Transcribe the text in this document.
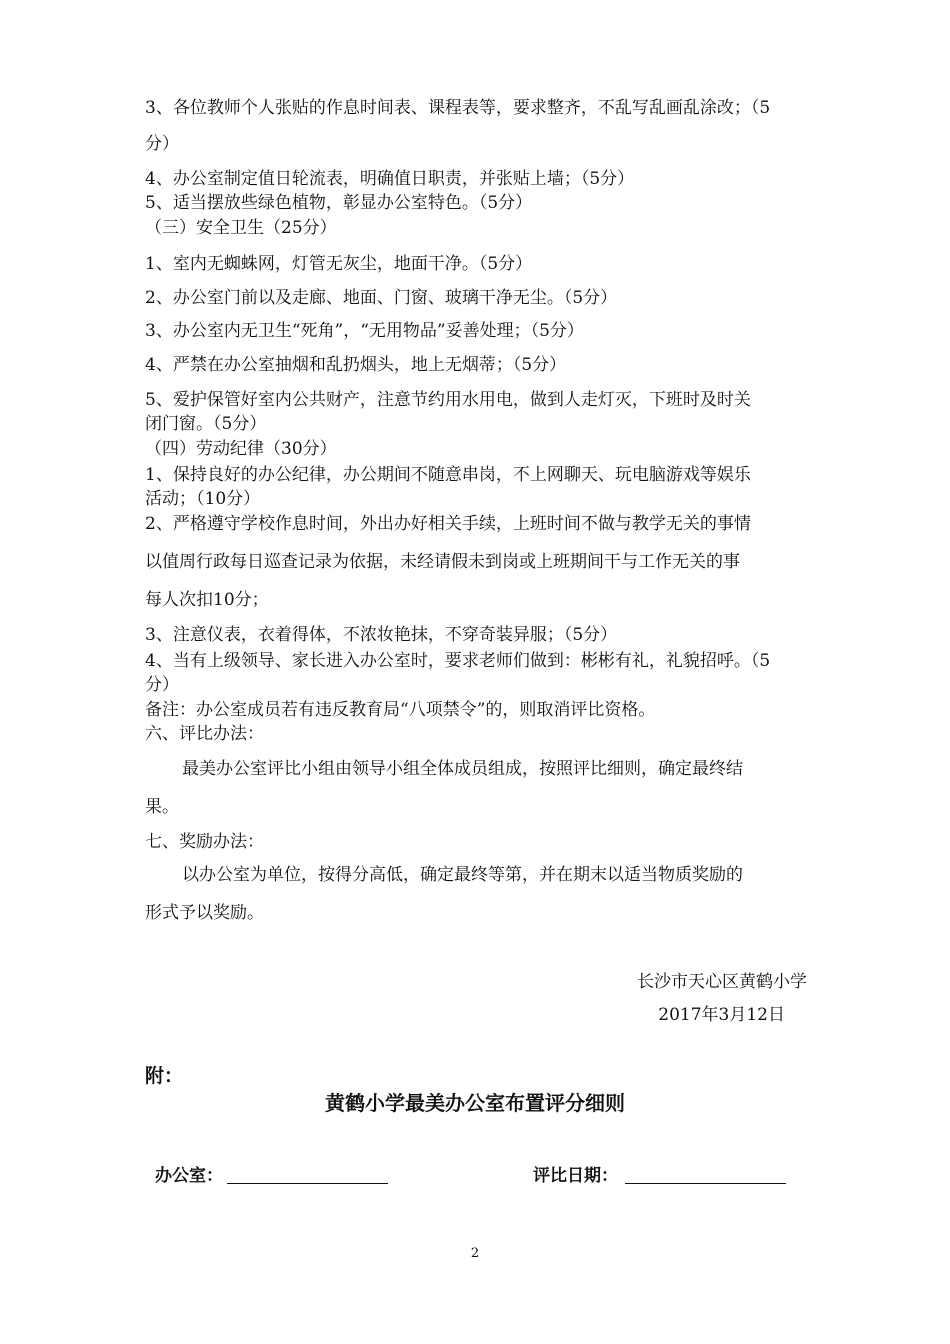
3、各位教师个人张贴的作息时间表、课程表等，要求整齐，不乱写乱画乱涂改；（5
分）
4、办公室制定值日轮流表，明确值日职责，并张贴上墙；（5分）
5、适当摆放些绿色植物，彰显办公室特色。（5分）
（三）安全卫生（25分）
1、室内无蜘蛛网，灯管无灰尘，地面干净。（5分）
2、办公室门前以及走廊、地面、门窗、玻璃干净无尘。（5分）
3、办公室内无卫生“死角”，“无用物品”妥善处理；（5分）
4、严禁在办公室抽烟和乱扔烟头，地上无烟蒂；（5分）
5、爱护保管好室内公共财产，注意节约用水用电，做到人走灯灭，下班时及时关
闭门窗。（5分）
（四）劳动纪律（30分）
1、保持良好的办公纪律，办公期间不随意串岗，不上网聊天、玩电脑游戏等娱乐
活动；（10分）
2、严格遵守学校作息时间，外出办好相关手续，上班时间不做与教学无关的事情
以值周行政每日巡查记录为依据，未经请假未到岗或上班期间干与工作无关的事
每人次扣10分；
3、注意仪表，衣着得体，不浓妆艳抹，不穿奇装异服；（5分）
4、当有上级领导、家长进入办公室时，要求老师们做到：彬彬有礼，礼貌招呼。（5
分）
备注：办公室成员若有违反教育局“八项禁令”的，则取消评比资格。
六、评比办法：
最美办公室评比小组由领导小组全体成员组成，按照评比细则，确定最终结
果。
七、奖励办法：
以办公室为单位，按得分高低，确定最终等第，并在期末以适当物质奖励的
形式予以奖励。
长沙市天心区黄鹤小学
2017年3月12日
附：
黄鹤小学最美办公室布置评分细则
办公室：	评比日期：
2
